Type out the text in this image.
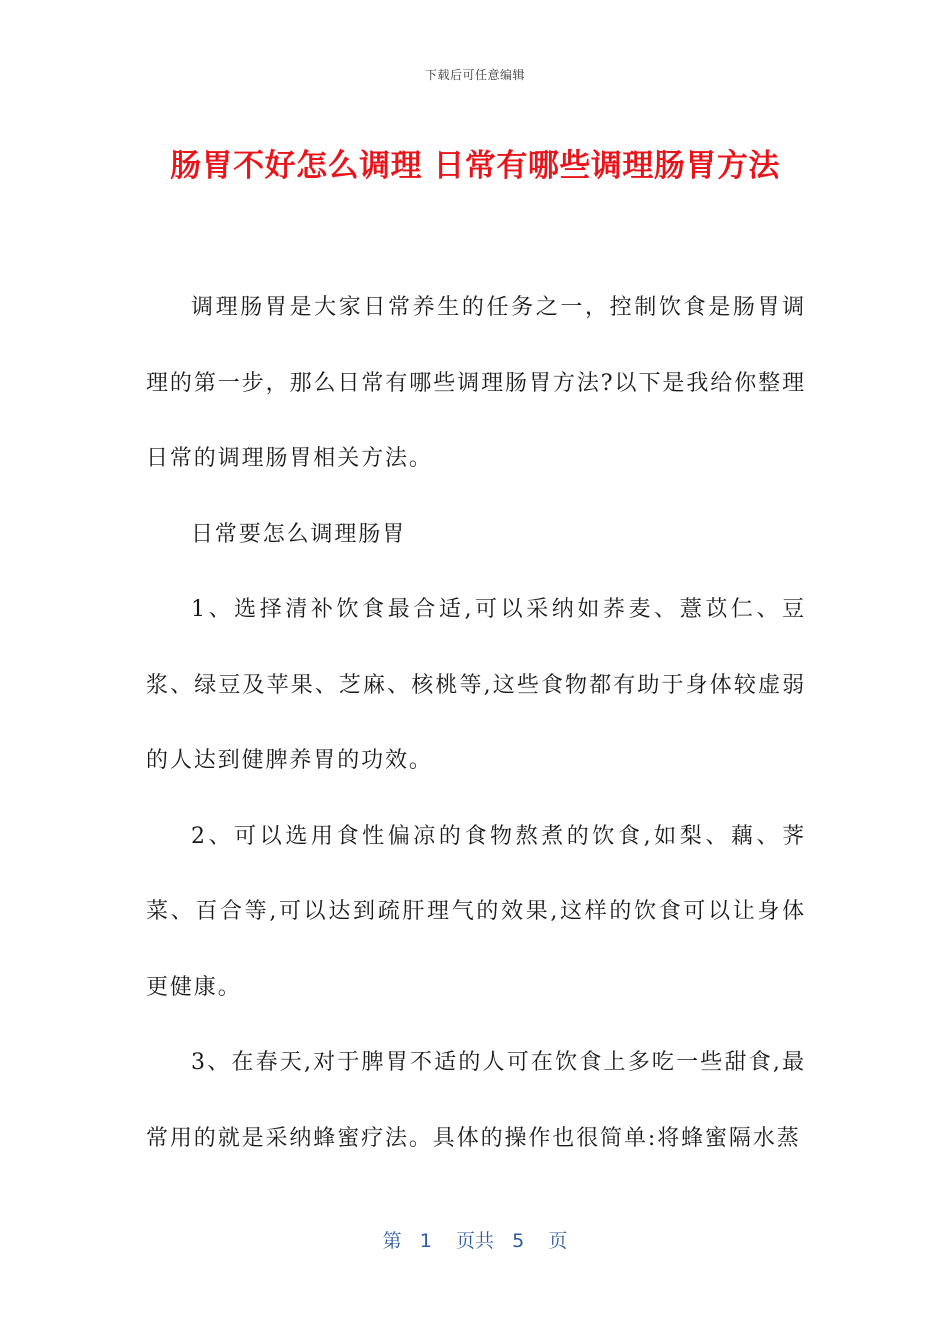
下载后可任意编辑
肠胃不好怎么调理 日常有哪些调理肠胃方法

调理肠胃是大家日常养生的任务之一，控制饮食是肠胃调理的第一步，那么日常有哪些调理肠胃方法?以下是我给你整理日常的调理肠胃相关方法。

日常要怎么调理肠胃

1、选择清补饮食最合适,可以采纳如荞麦、薏苡仁、豆浆、绿豆及苹果、芝麻、核桃等,这些食物都有助于身体较虚弱的人达到健脾养胃的功效。

2、可以选用食性偏凉的食物熬煮的饮食,如梨、藕、荠菜、百合等,可以达到疏肝理气的效果,这样的饮食可以让身体更健康。

3、在春天,对于脾胃不适的人可在饮食上多吃一些甜食,最常用的就是采纳蜂蜜疗法。具体的操作也很简单:将蜂蜜隔水蒸

第 1 页共 5 页
